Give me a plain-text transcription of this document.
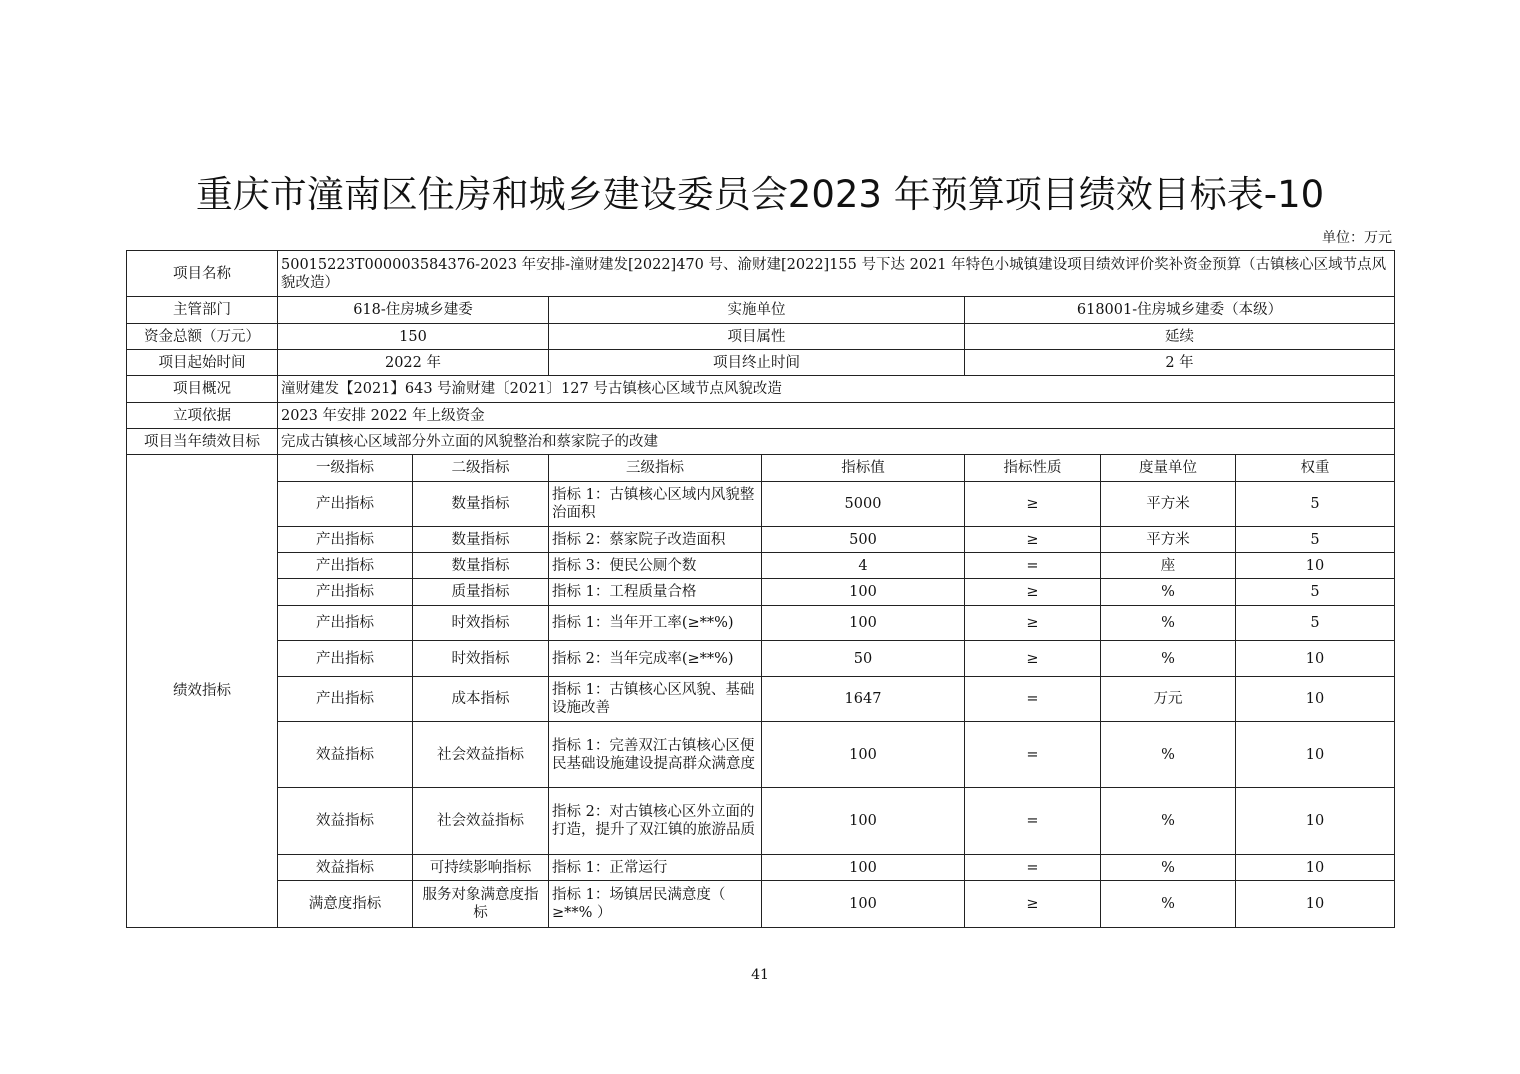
重庆市潼南区住房和城乡建设委员会2023 年预算项目绩效目标表-10
单位：万元
项目名称	50015223T000003584376-2023 年安排-潼财建发[2022]470 号、渝财建[2022]155 号下达 2021 年特色小城镇建设项目绩效评价奖补资金预算（古镇核心区域节点风貌改造）						
主管部门	618-住房城乡建委		实施单位		618001-住房城乡建委（本级）		
资金总额（万元）	150		项目属性		延续		
项目起始时间	2022 年		项目终止时间		2 年		
项目概况	潼财建发【2021】643 号渝财建〔2021〕127 号古镇核心区域节点风貌改造						
立项依据	2023 年安排 2022 年上级资金						
项目当年绩效目标	完成古镇核心区域部分外立面的风貌整治和蔡家院子的改建						
绩效指标	一级指标	二级指标	三级指标	指标值	指标性质	度量单位	权重
	产出指标	数量指标	指标 1：古镇核心区域内风貌整治面积	5000	≥	平方米	5
	产出指标	数量指标	指标 2：蔡家院子改造面积	500	≥	平方米	5
	产出指标	数量指标	指标 3：便民公厕个数	4	=	座	10
	产出指标	质量指标	指标 1：工程质量合格	100	≥	%	5
	产出指标	时效指标	指标 1：当年开工率(≥**%)	100	≥	%	5
	产出指标	时效指标	指标 2：当年完成率(≥**%)	50	≥	%	10
	产出指标	成本指标	指标 1：古镇核心区风貌、基础设施改善	1647	=	万元	10
	效益指标	社会效益指标	指标 1：完善双江古镇核心区便民基础设施建设提高群众满意度	100	=	%	10
	效益指标	社会效益指标	指标 2：对古镇核心区外立面的打造，提升了双江镇的旅游品质	100	=	%	10
	效益指标	可持续影响指标	指标 1：正常运行	100	=	%	10
	满意度指标	服务对象满意度指标	指标 1：场镇居民满意度（ ≥**% ）	100	≥	%	10
41
